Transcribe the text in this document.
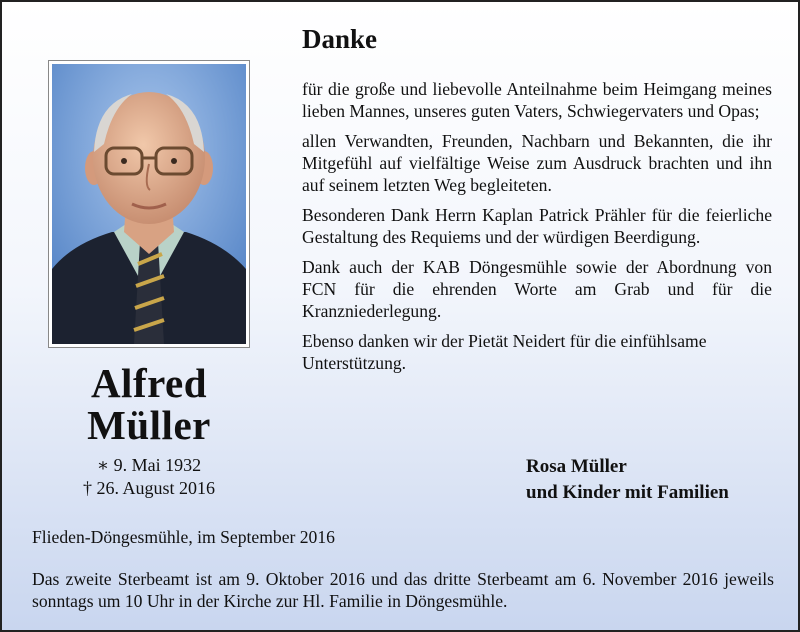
Alfred
Müller
∗ 9. Mai 1932
† 26. August 2016
Danke

für die große und liebevolle Anteilnahme beim Heimgang meines lieben Mannes, unseres guten Vaters, Schwiegervaters und Opas;

allen Verwandten, Freunden, Nachbarn und Bekannten, die ihr Mitgefühl auf vielfältige Weise zum Ausdruck brachten und ihn auf seinem letzten Weg begleiteten.

Besonderen Dank Herrn Kaplan Patrick Prähler für die feierliche Gestaltung des Requiems und der würdigen Beerdigung.

Dank auch der KAB Döngesmühle sowie der Abordnung von FCN für die ehrenden Worte am Grab und für die Kranzniederlegung.

Ebenso danken wir der Pietät Neidert für die einfühlsame Unterstützung.

Rosa Müller
und Kinder mit Familien
Flieden-Döngesmühle, im September 2016
Das zweite Sterbeamt ist am 9. Oktober 2016 und das dritte Sterbeamt am 6. November 2016 jeweils sonntags um 10 Uhr in der Kirche zur Hl. Familie in Döngesmühle.
